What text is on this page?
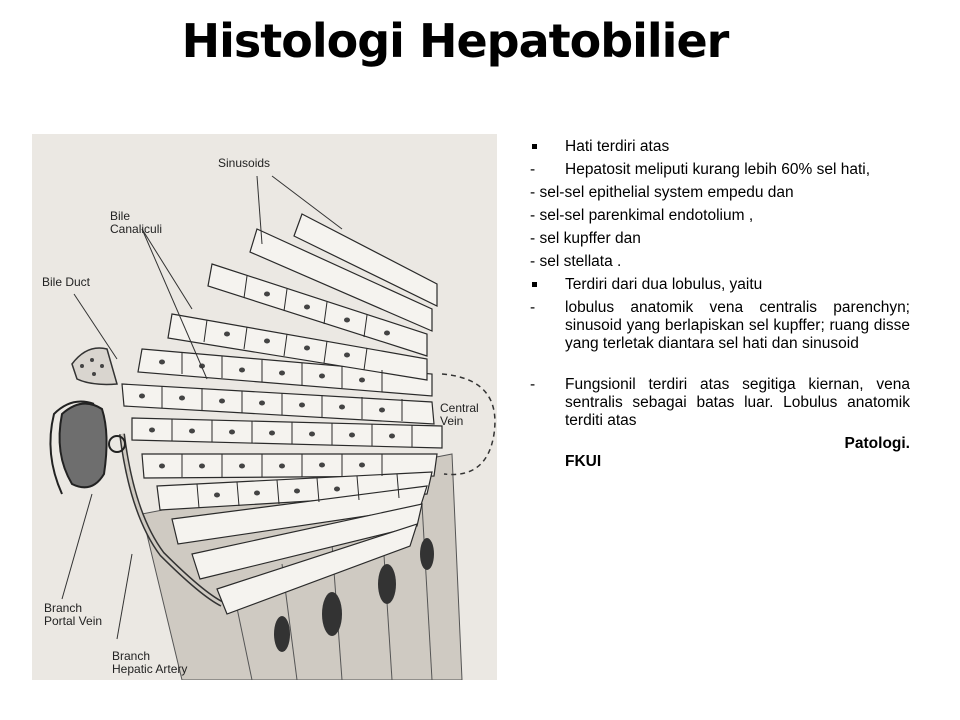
Histologi Hepatobilier
Sinusoids
Bile
Canaliculi
Bile Duct
Central
Vein
Branch
Portal Vein
Branch
Hepatic Artery
Hati terdiri atas
-	Hepatosit meliputi kurang lebih 60% sel hati,
- sel-sel epithelial system empedu dan
- sel-sel parenkimal endotolium ,
- sel kupffer dan
- sel stellata .
Terdiri dari dua lobulus, yaitu
- lobulus anatomik vena centralis parenchyn; sinusoid yang berlapiskan sel kupffer; ruang disse yang terletak diantara sel hati dan sinusoid
- Fungsionil terdiri atas segitiga kiernan, vena sentralis sebagai batas luar. Lobulus anatomik terditi atas
Patologi.
FKUI
